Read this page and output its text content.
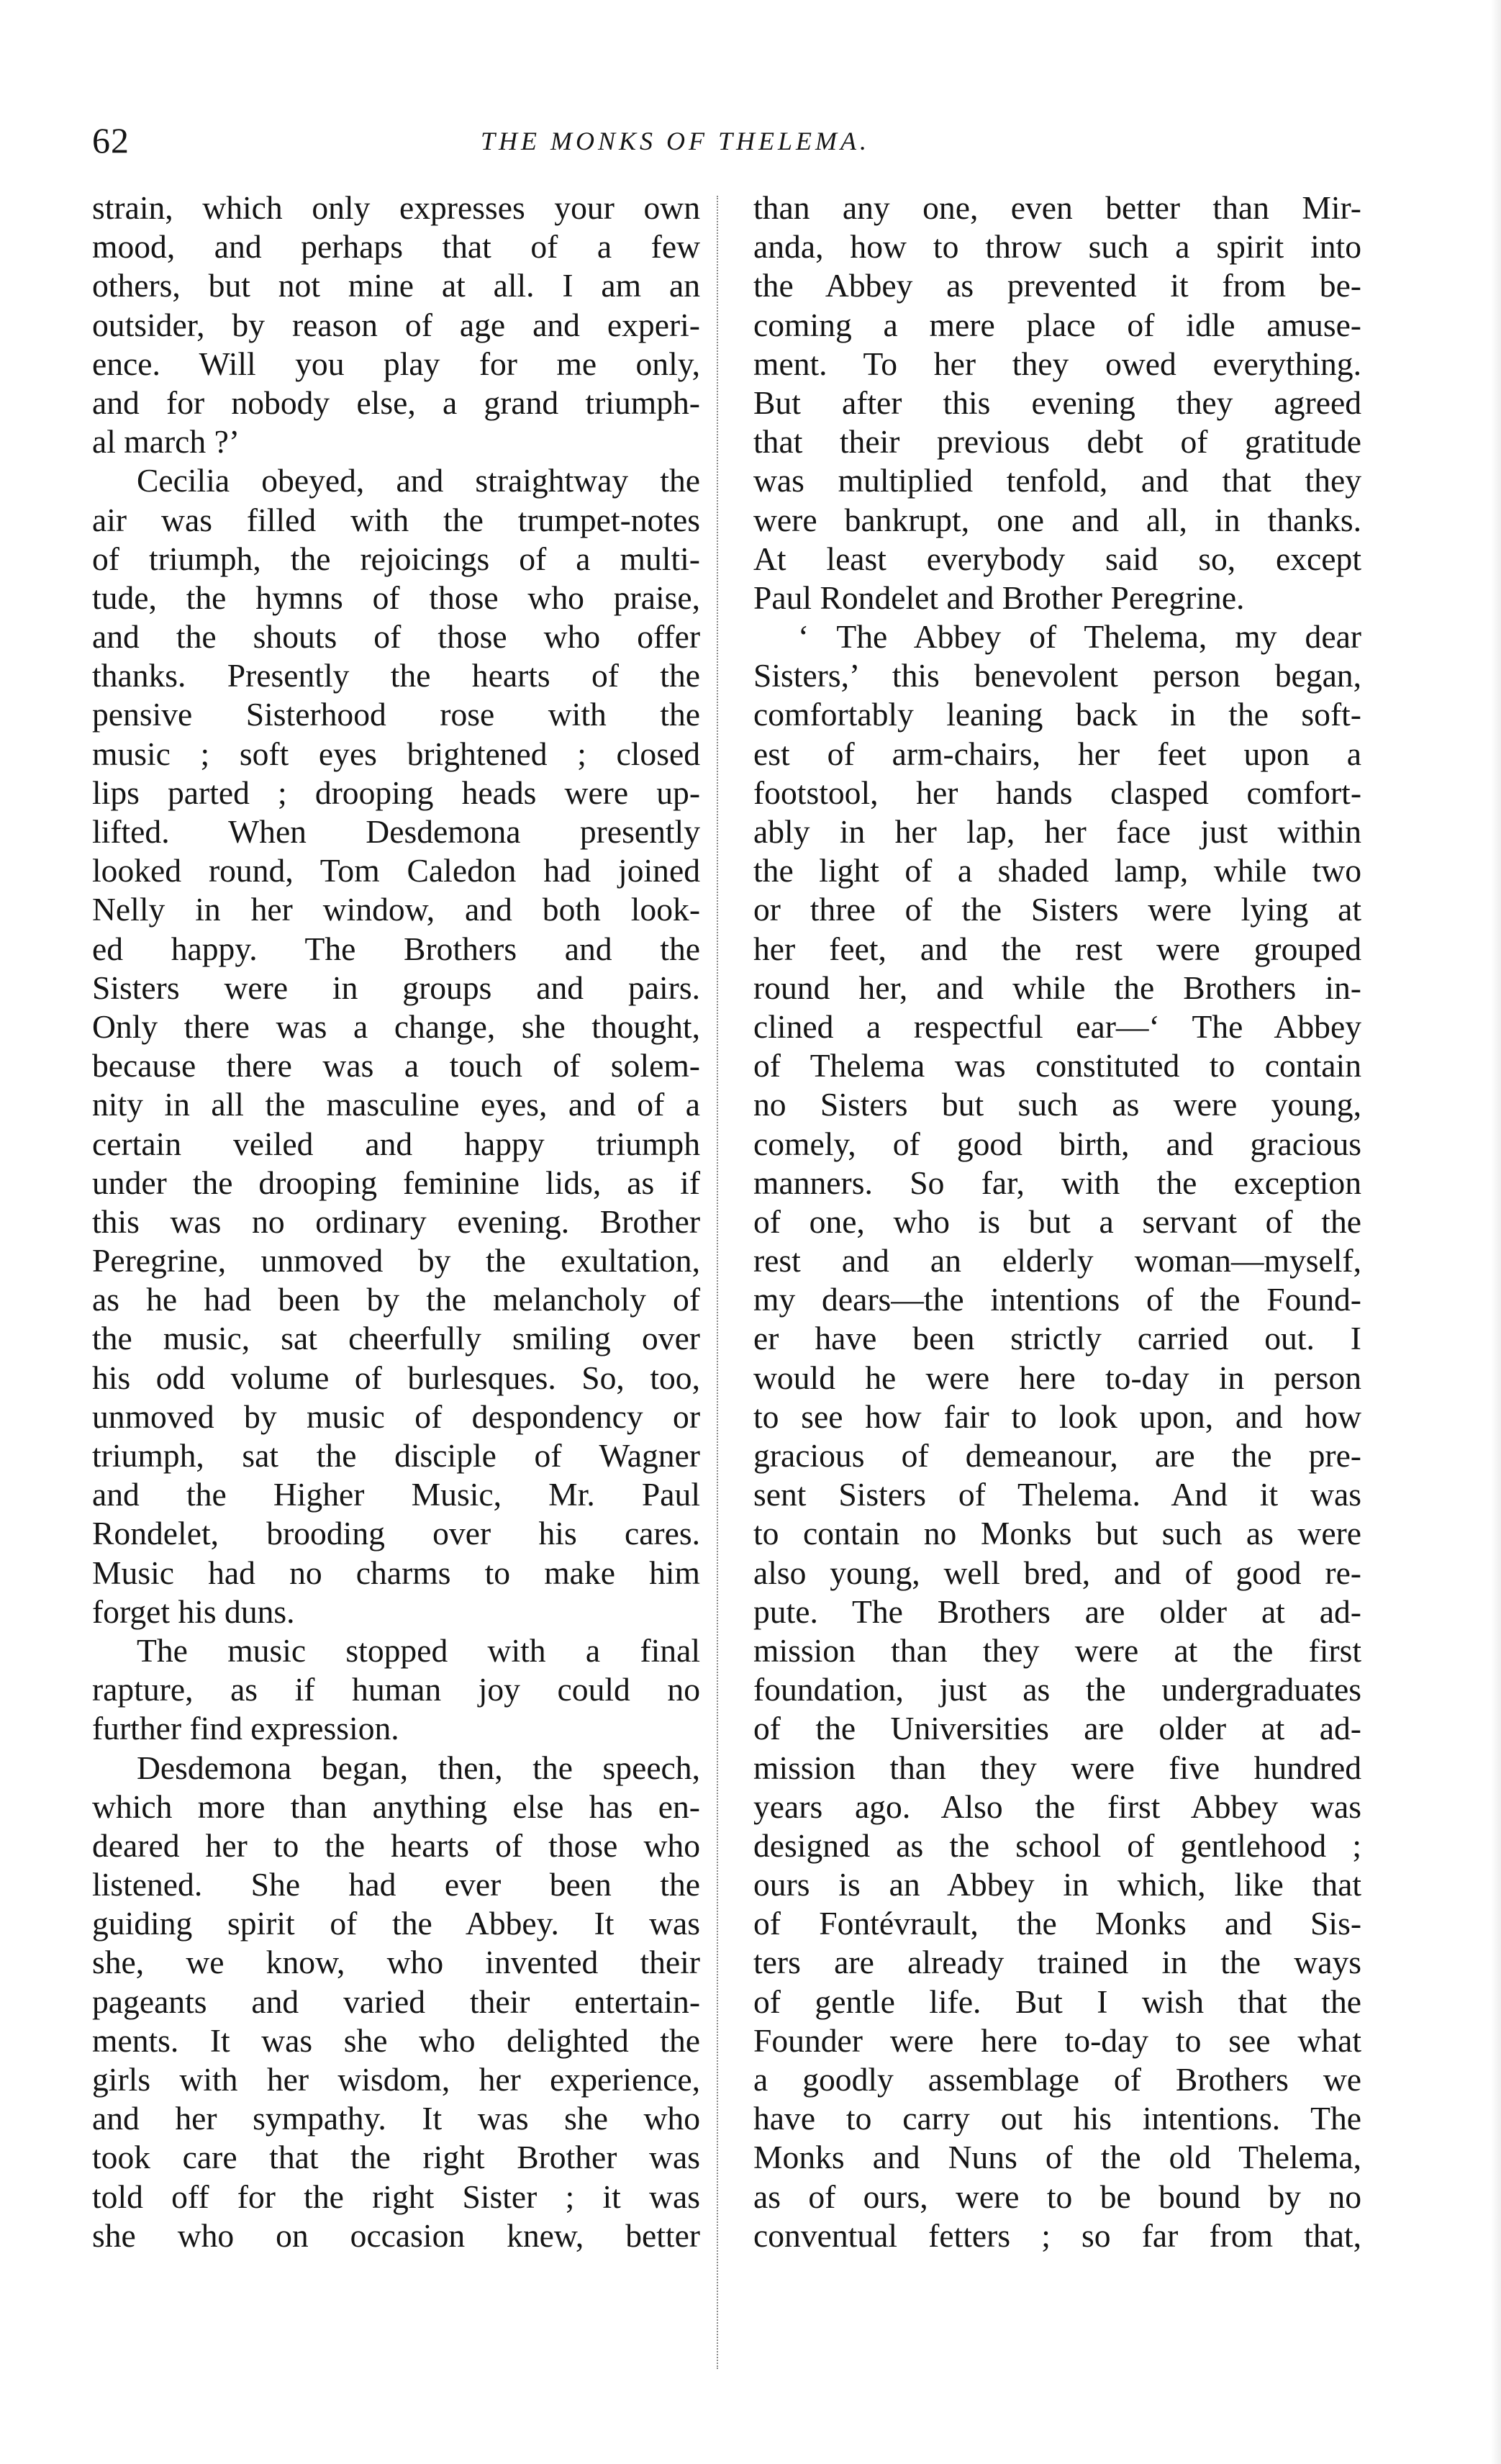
62	THE MONKS OF THELEMA.
strain, which only expresses your own
mood, and perhaps that of a few
others, but not mine at all. I am an
outsider, by reason of age and experi-
ence. Will you play for me only,
and for nobody else, a grand triumph-
al march ?’
Cecilia obeyed, and straightway the
air was filled with the trumpet-notes
of triumph, the rejoicings of a multi-
tude, the hymns of those who praise,
and the shouts of those who offer
thanks. Presently the hearts of the
pensive Sisterhood rose with the
music ; soft eyes brightened ; closed
lips parted ; drooping heads were up-
lifted. When Desdemona presently
looked round, Tom Caledon had joined
Nelly in her window, and both look-
ed happy. The Brothers and the
Sisters were in groups and pairs.
Only there was a change, she thought,
because there was a touch of solem-
nity in all the masculine eyes, and of a
certain veiled and happy triumph
under the drooping feminine lids, as if
this was no ordinary evening. Brother
Peregrine, unmoved by the exultation,
as he had been by the melancholy of
the music, sat cheerfully smiling over
his odd volume of burlesques. So, too,
unmoved by music of despondency or
triumph, sat the disciple of Wagner
and the Higher Music, Mr. Paul
Rondelet, brooding over his cares.
Music had no charms to make him
forget his duns.
The music stopped with a final
rapture, as if human joy could no
further find expression.
Desdemona began, then, the speech,
which more than anything else has en-
deared her to the hearts of those who
listened. She had ever been the
guiding spirit of the Abbey. It was
she, we know, who invented their
pageants and varied their entertain-
ments. It was she who delighted the
girls with her wisdom, her experience,
and her sympathy. It was she who
took care that the right Brother was
told off for the right Sister ; it was
she who on occasion knew, better
than any one, even better than Mir-
anda, how to throw such a spirit into
the Abbey as prevented it from be-
coming a mere place of idle amuse-
ment. To her they owed everything.
But after this evening they agreed
that their previous debt of gratitude
was multiplied tenfold, and that they
were bankrupt, one and all, in thanks.
At least everybody said so, except
Paul Rondelet and Brother Peregrine.
‘ The Abbey of Thelema, my dear
Sisters,’ this benevolent person began,
comfortably leaning back in the soft-
est of arm-chairs, her feet upon a
footstool, her hands clasped comfort-
ably in her lap, her face just within
the light of a shaded lamp, while two
or three of the Sisters were lying at
her feet, and the rest were grouped
round her, and while the Brothers in-
clined a respectful ear—‘ The Abbey
of Thelema was constituted to contain
no Sisters but such as were young,
comely, of good birth, and gracious
manners. So far, with the exception
of one, who is but a servant of the
rest and an elderly woman—myself,
my dears—the intentions of the Found-
er have been strictly carried out. I
would he were here to-day in person
to see how fair to look upon, and how
gracious of demeanour, are the pre-
sent Sisters of Thelema. And it was
to contain no Monks but such as were
also young, well bred, and of good re-
pute. The Brothers are older at ad-
mission than they were at the first
foundation, just as the undergraduates
of the Universities are older at ad-
mission than they were five hundred
years ago. Also the first Abbey was
designed as the school of gentlehood ;
ours is an Abbey in which, like that
of Fontévrault, the Monks and Sis-
ters are already trained in the ways
of gentle life. But I wish that the
Founder were here to-day to see what
a goodly assemblage of Brothers we
have to carry out his intentions. The
Monks and Nuns of the old Thelema,
as of ours, were to be bound by no
conventual fetters ; so far from that,
